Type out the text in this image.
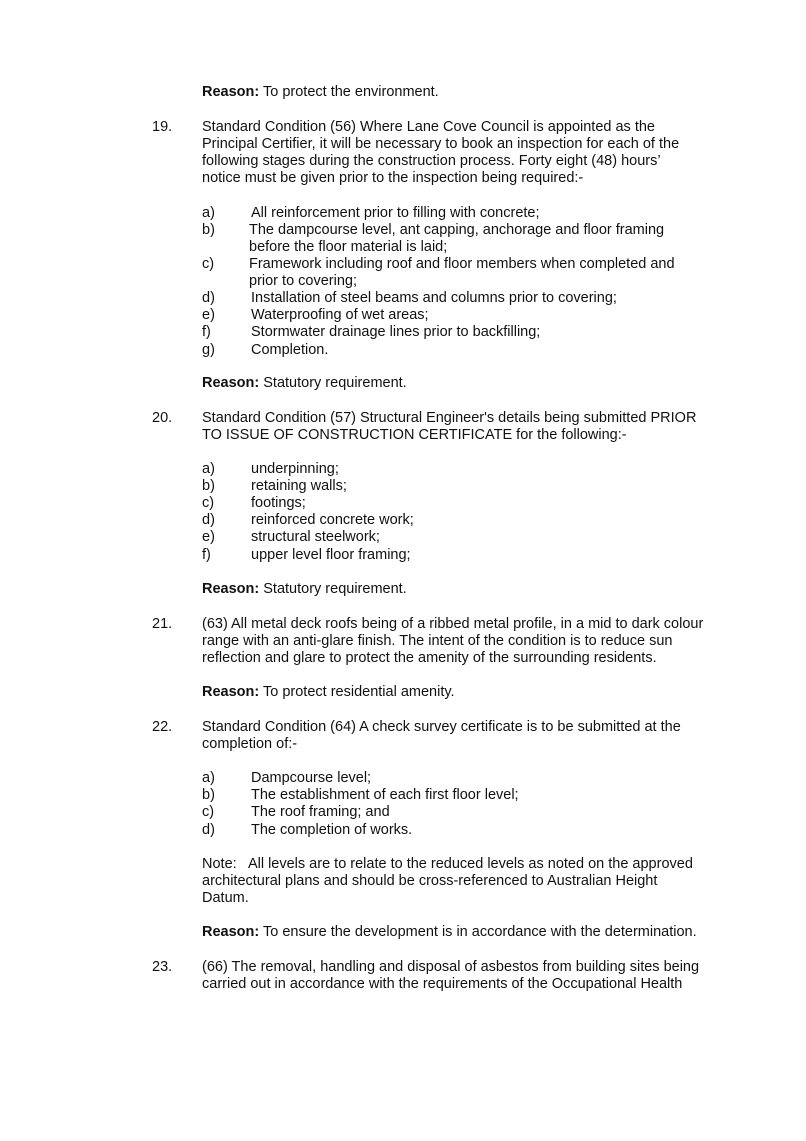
Reason: To protect the environment.
19. Standard Condition (56) Where Lane Cove Council is appointed as the
Principal Certifier, it will be necessary to book an inspection for each of the
following stages during the construction process. Forty eight (48) hours’
notice must be given prior to the inspection being required:-
a) All reinforcement prior to filling with concrete;
b) The dampcourse level, ant capping, anchorage and floor framing
before the floor material is laid;
c) Framework including roof and floor members when completed and
prior to covering;
d) Installation of steel beams and columns prior to covering;
e) Waterproofing of wet areas;
f)	Stormwater drainage lines prior to backfilling;
g) Completion.
Reason: Statutory requirement.
20. Standard Condition (57) Structural Engineer's details being submitted PRIOR
TO ISSUE OF CONSTRUCTION CERTIFICATE for the following:-
a) underpinning;
b) retaining walls;
c)	footings;
d) reinforced concrete work;
e) structural steelwork;
f)	upper level floor framing;
Reason: Statutory requirement.
21. (63) All metal deck roofs being of a ribbed metal profile, in a mid to dark colour
range with an anti-glare finish. The intent of the condition is to reduce sun
reflection and glare to protect the amenity of the surrounding residents.
Reason: To protect residential amenity.
22. Standard Condition (64) A check survey certificate is to be submitted at the
completion of:-
a) Dampcourse level;
b) The establishment of each first floor level;
c)	The roof framing; and
d) The completion of works.
Note:   All levels are to relate to the reduced levels as noted on the approved
architectural plans and should be cross-referenced to Australian Height
Datum.
Reason: To ensure the development is in accordance with the determination.
23. (66) The removal, handling and disposal of asbestos from building sites being
carried out in accordance with the requirements of the Occupational Health
